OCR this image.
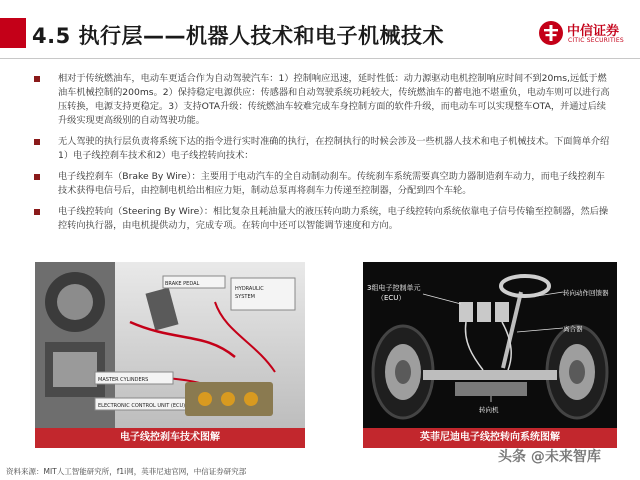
4.5 执行层——机器人技术和电子机械技术	中信证券
CITIC SECURITIES
相对于传统燃油车，电动车更适合作为自动驾驶汽车：1）控制响应迅速，延时性低：动力源驱动电机控制响应时间不到20ms,远低于燃油车机械控制的200ms。2）保持稳定电源供应：传感器和自动驾驶系统功耗较大，传统燃油车的蓄电池不堪重负，电动车则可以进行高压转换，电源支持更稳定。3）支持OTA升级：传统燃油车较难完成车身控制方面的软件升级，而电动车可以实现整车OTA，并通过后续升级实现更高级别的自动驾驶功能。
无人驾驶的执行层负责将系统下达的指令进行实时准确的执行，在控制执行的时候会涉及一些机器人技术和电子机械技术。下面简单介绍1）电子线控刹车技术和2）电子线控转向技术：
电子线控刹车（Brake By Wire）：主要用于电动汽车的全自动制动刹车。传统刹车系统需要真空助力器制造刹车动力，而电子线控刹车技术获得电信号后，由控制电机给出相应力矩，制动总泵再将刹车力传递至控制器，分配到四个车轮。
电子线控转向（Steering By Wire）：相比复杂且耗油量大的液压转向助力系统，电子线控转向系统依靠电子信号传输至控制器，然后操控转向执行器，由电机提供动力，完成专项。在转向中还可以智能调节速度和方向。
BRAKE PEDAL
HYDRAULIC
SYSTEM
MASTER CYLINDERS
ELECTRONIC CONTROL UNIT (ECU)
电子线控刹车技术图解
3组电子控制单元
（ECU）
转向动作回馈器
离合器
转向机
英菲尼迪电子线控转向系统图解
资料来源：MIT人工智能研究所，f1i网，英菲尼迪官网，中信证券研究部
头条 @未来智库
